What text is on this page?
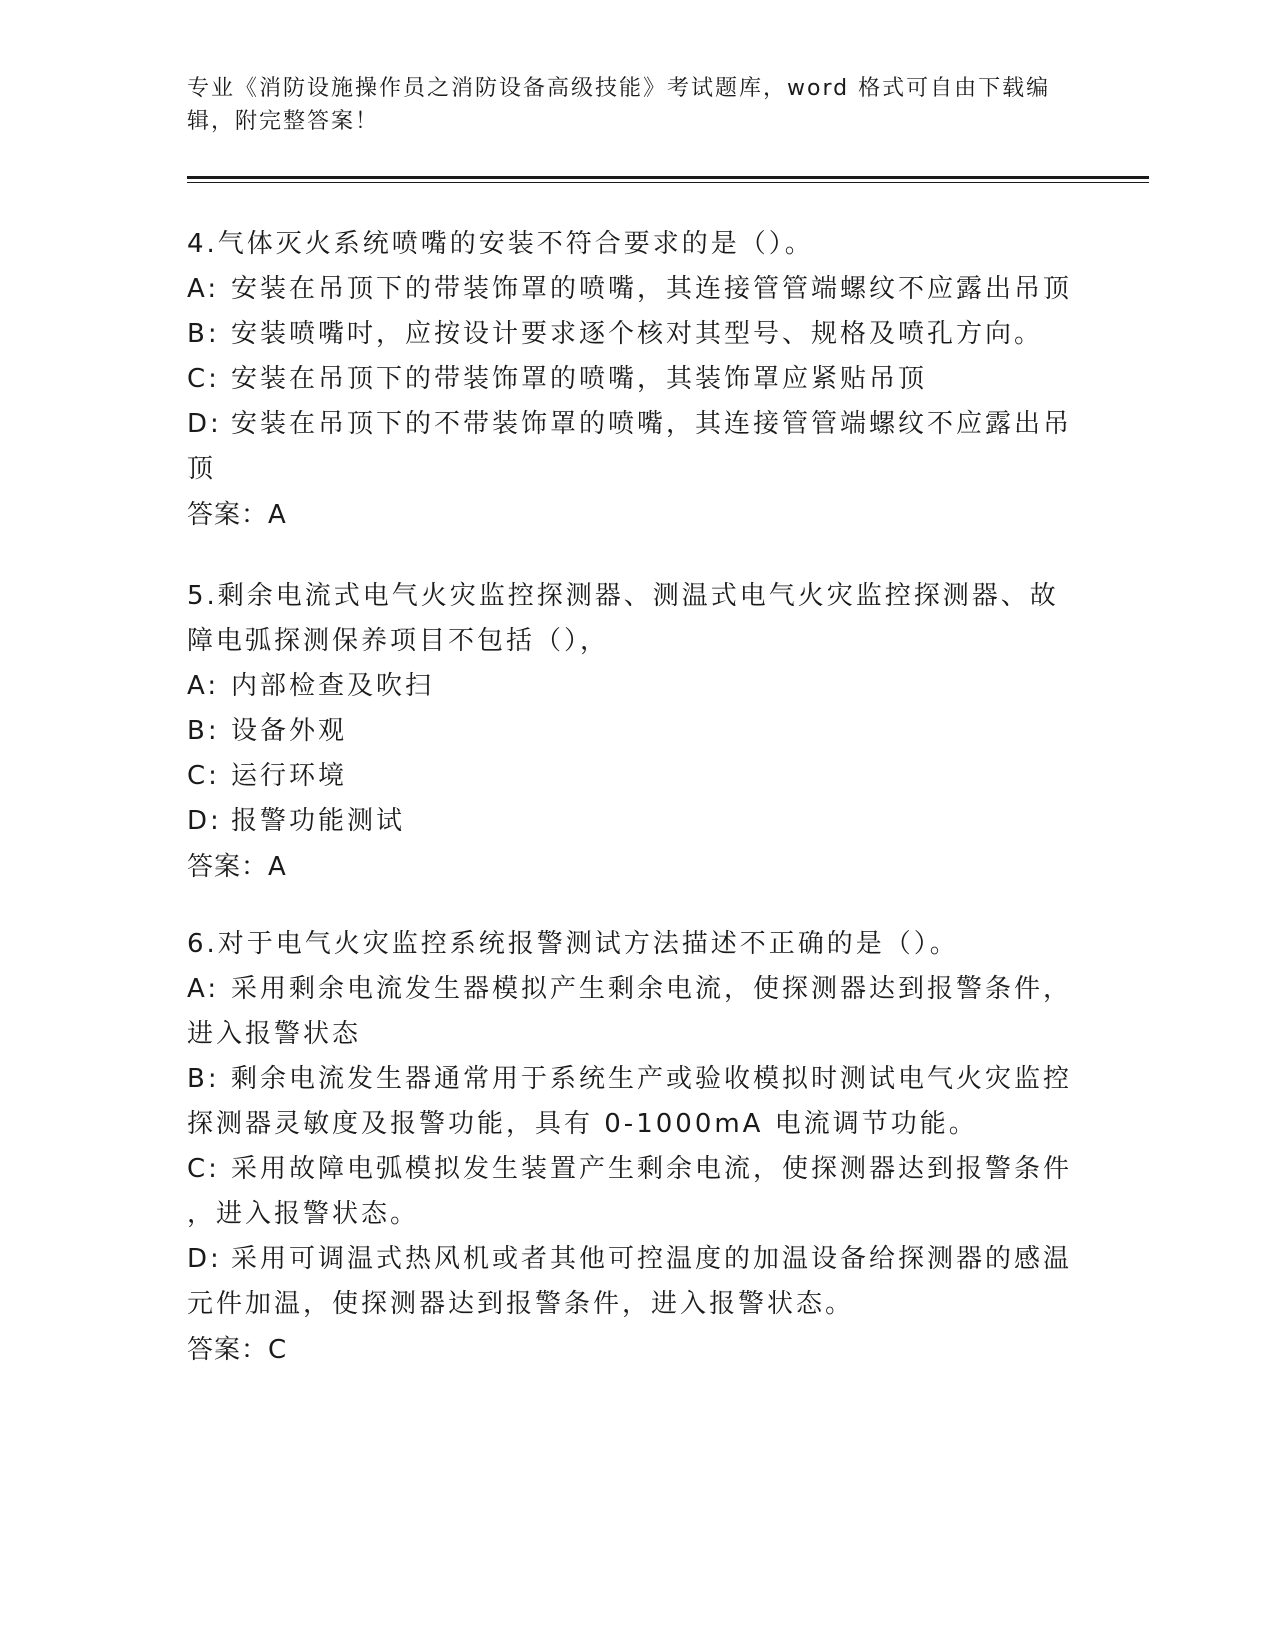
专业《消防设施操作员之消防设备高级技能》考试题库，word 格式可自由下载编
辑，附完整答案！
4.气体灭火系统喷嘴的安装不符合要求的是（）。
A: 安装在吊顶下的带装饰罩的喷嘴，其连接管管端螺纹不应露出吊顶
B: 安装喷嘴吋，应按设计要求逐个核对其型号、规格及喷孔方向。
C: 安装在吊顶下的带装饰罩的喷嘴，其装饰罩应紧贴吊顶
D: 安装在吊顶下的不带装饰罩的喷嘴，其连接管管端螺纹不应露出吊
顶
答案：A
5.剩余电流式电气火灾监控探测器、测温式电气火灾监控探测器、故
障电弧探测保养项目不包括（），
A: 内部检查及吹扫
B: 设备外观
C: 运行环境
D: 报警功能测试
答案：A
6.对于电气火灾监控系统报警测试方法描述不正确的是（）。
A: 采用剩余电流发生器模拟产生剩余电流，使探测器达到报警条件，
进入报警状态
B: 剩余电流发生器通常用于系统生产或验收模拟时测试电气火灾监控
探测器灵敏度及报警功能，具有 0-1000mA 电流调节功能。
C: 采用故障电弧模拟发生装置产生剩余电流，使探测器达到报警条件
，进入报警状态。
D: 采用可调温式热风机或者其他可控温度的加温设备给探测器的感温
元件加温，使探测器达到报警条件，进入报警状态。
答案：C
